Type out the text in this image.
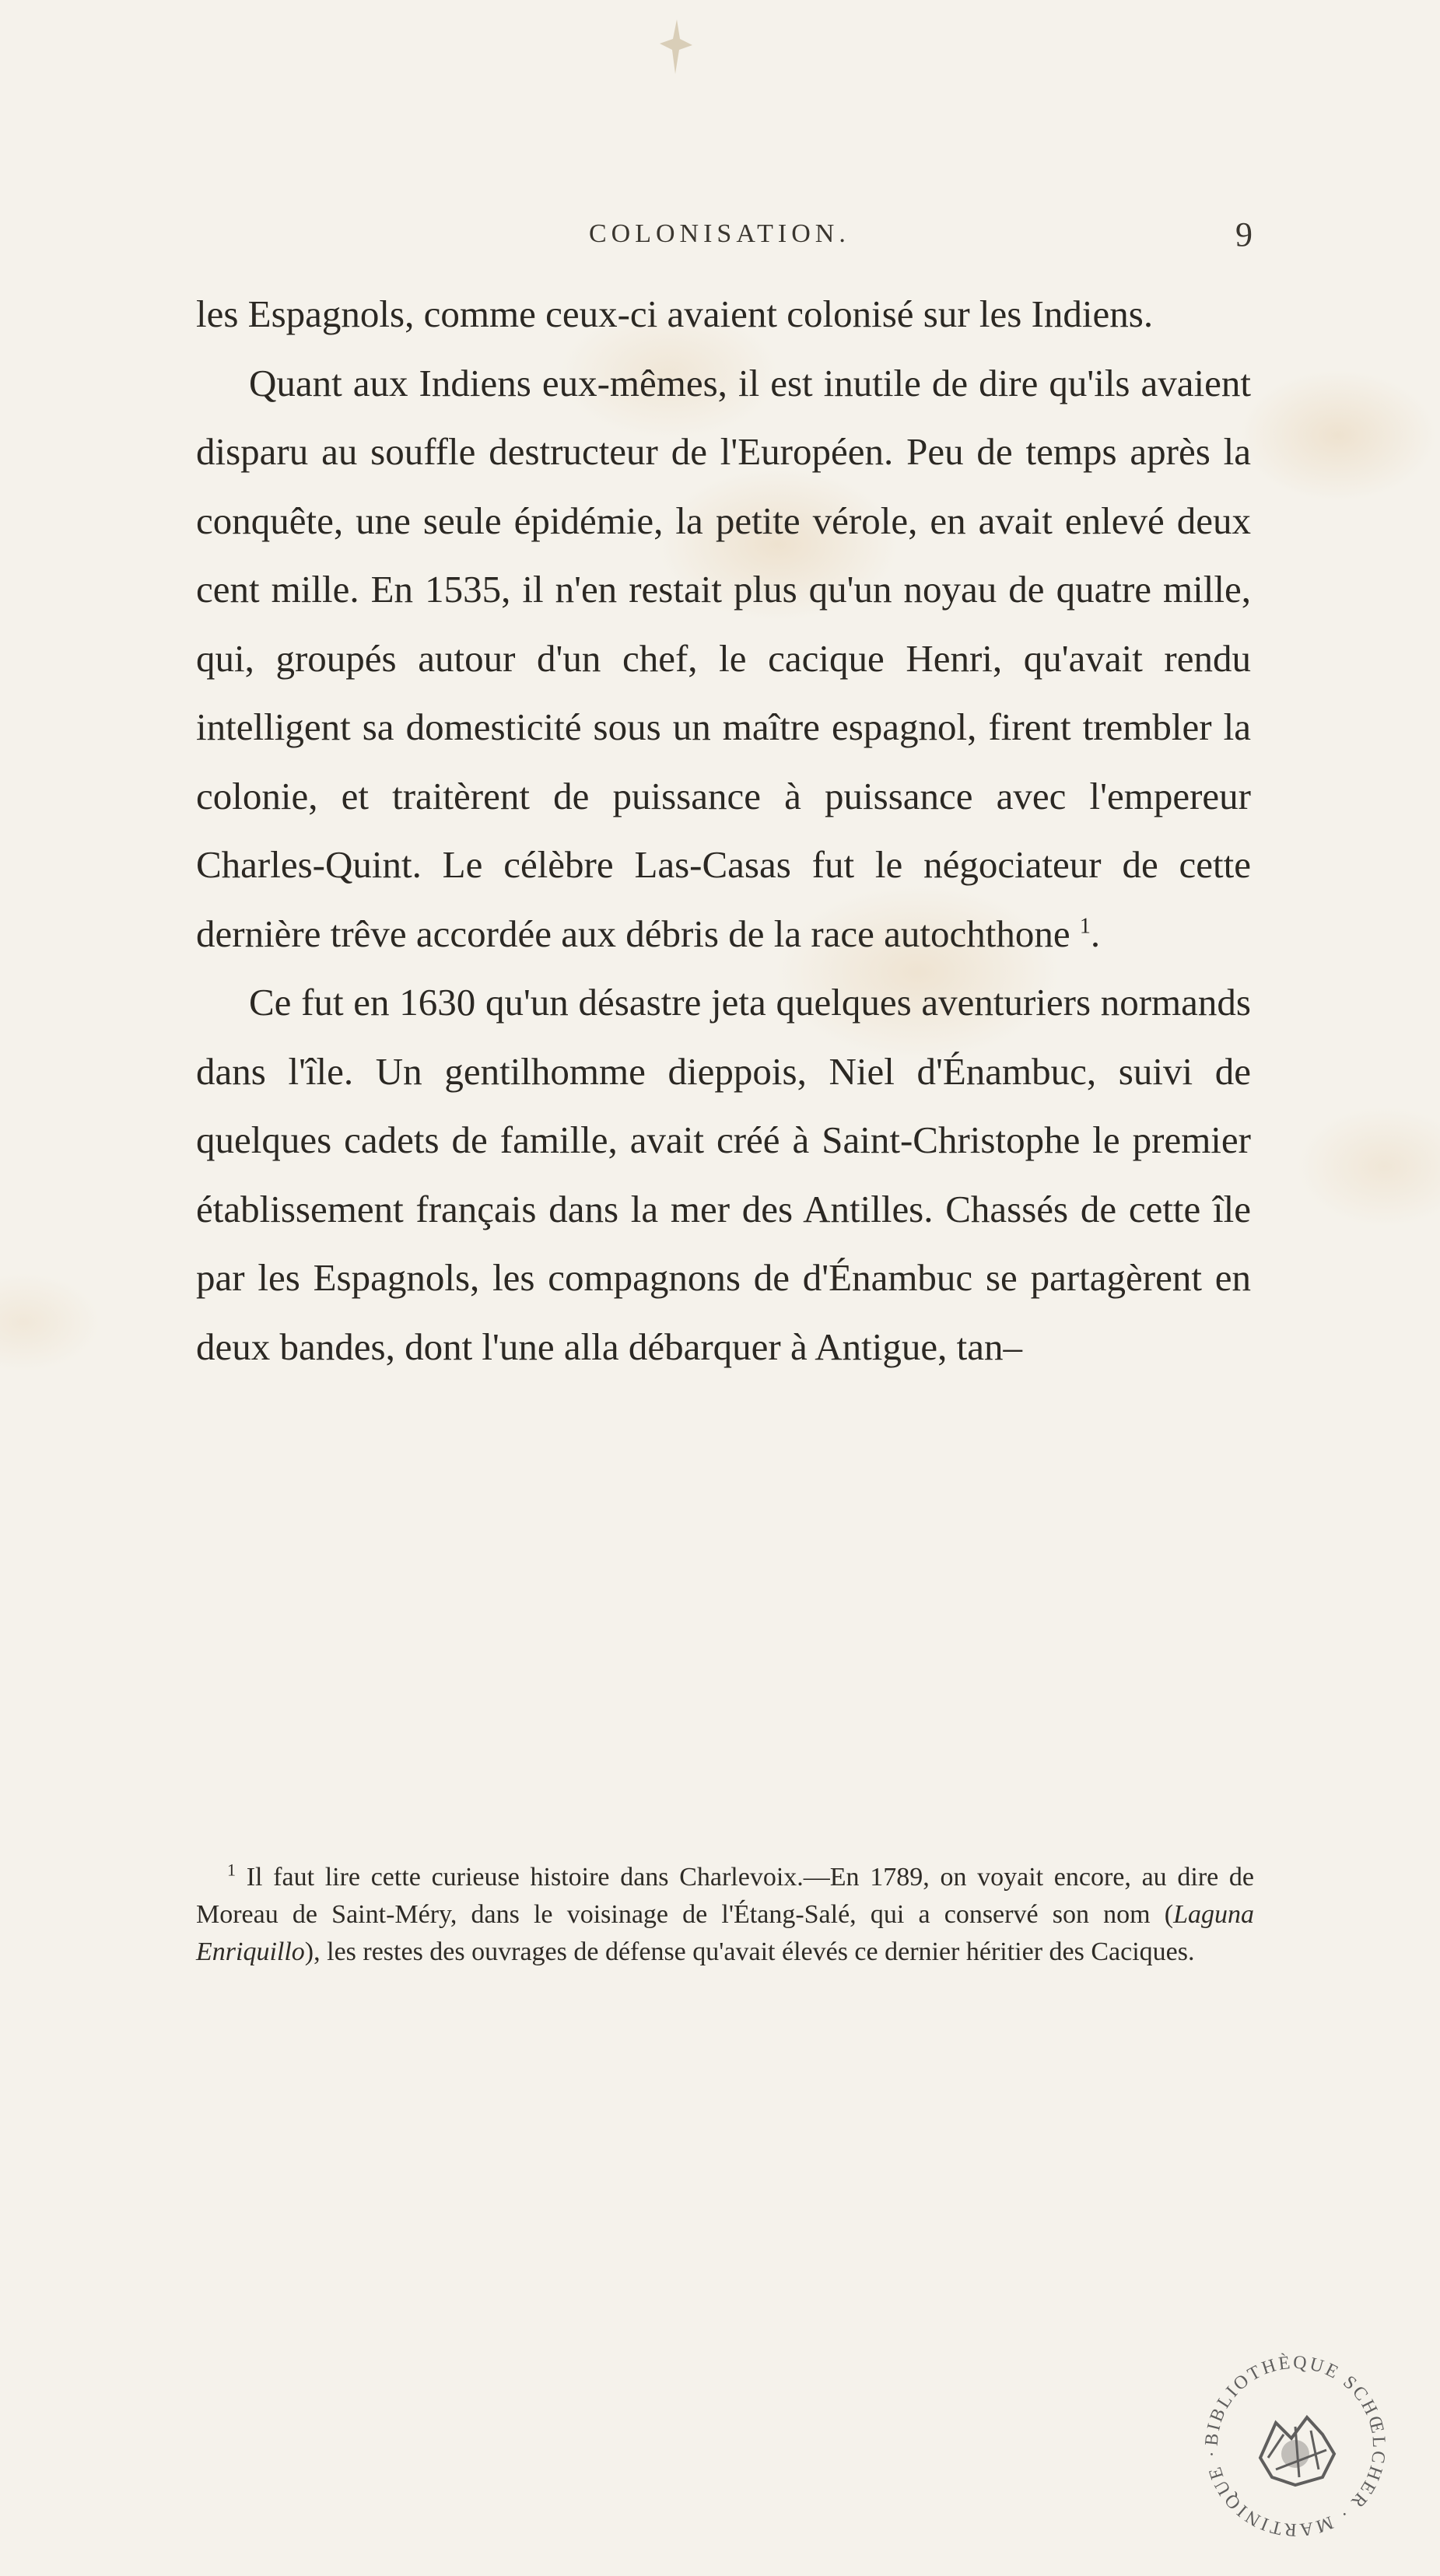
COLONISATION.	9

les Espagnols, comme ceux-ci avaient colonisé sur les Indiens.

Quant aux Indiens eux-mêmes, il est inutile de dire qu'ils avaient disparu au souffle destructeur de l'Européen. Peu de temps après la conquête, une seule épidémie, la petite vérole, en avait enlevé deux cent mille. En 1535, il n'en restait plus qu'un noyau de quatre mille, qui, groupés autour d'un chef, le cacique Henri, qu'avait rendu intelligent sa domesticité sous un maître espagnol, firent trembler la colonie, et traitèrent de puissance à puissance avec l'empereur Charles-Quint. Le célèbre Las-Casas fut le négociateur de cette dernière trêve accordée aux débris de la race autochthone $^1$.

Ce fut en 1630 qu'un désastre jeta quelques aventuriers normands dans l'île. Un gentilhomme dieppois, Niel d'Énambuc, suivi de quelques cadets de famille, avait créé à Saint-Christophe le premier établissement français dans la mer des Antilles. Chassés de cette île par les Espagnols, les compagnons de d'Énambuc se partagèrent en deux bandes, dont l'une alla débarquer à Antigue, tan–

$^1$ Il faut lire cette curieuse histoire dans Charlevoix.—En 1789, on voyait encore, au dire de Moreau de Saint-Méry, dans le voisinage de l'Étang-Salé, qui a conservé son nom (Laguna Enriquillo), les restes des ouvrages de défense qu'avait élevés ce dernier héritier des Caciques.

BIBLIOTHÈQUE SCHŒLCHER · MARTINIQUE ·
